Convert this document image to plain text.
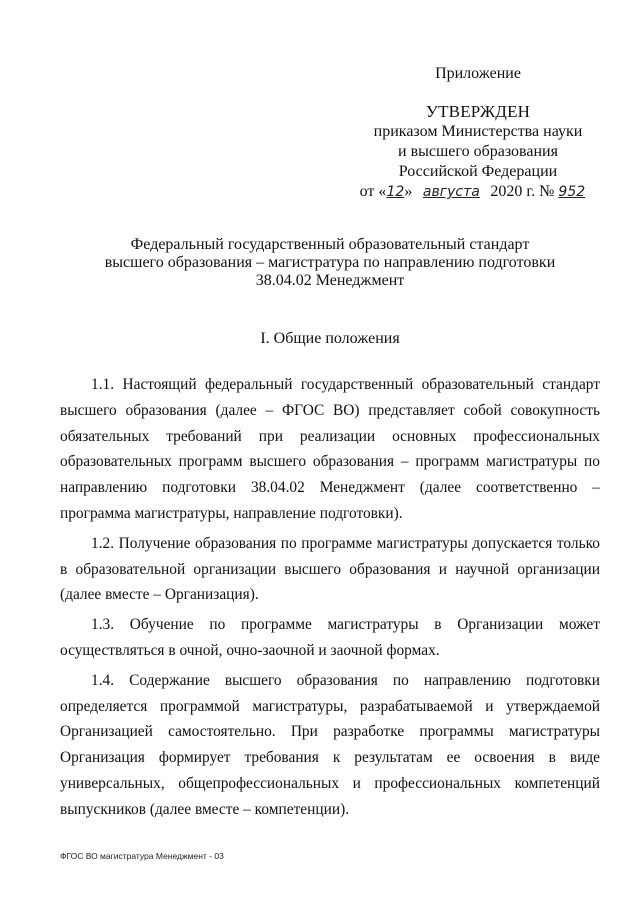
Приложение
УТВЕРЖДЕН
приказом Министерства науки
и высшего образования
Российской Федерации
от «12» августа 2020 г. № 952
Федеральный государственный образовательный стандарт
высшего образования – магистратура по направлению подготовки
38.04.02 Менеджмент
I. Общие положения

1.1. Настоящий федеральный государственный образовательный стандарт высшего образования (далее – ФГОС ВО) представляет собой совокупность обязательных требований при реализации основных профессиональных образовательных программ высшего образования – программ магистратуры по направлению подготовки 38.04.02 Менеджмент (далее соответственно – программа магистратуры, направление подготовки).

1.2. Получение образования по программе магистратуры допускается только в образовательной организации высшего образования и научной организации (далее вместе – Организация).

1.3. Обучение по программе магистратуры в Организации может осуществляться в очной, очно-заочной и заочной формах.

1.4. Содержание высшего образования по направлению подготовки определяется программой магистратуры, разрабатываемой и утверждаемой Организацией самостоятельно. При разработке программы магистратуры Организация формирует требования к результатам ее освоения в виде универсальных, общепрофессиональных и профессиональных компетенций выпускников (далее вместе – компетенции).

ФГОС ВО магистратура Менеджмент - 03
